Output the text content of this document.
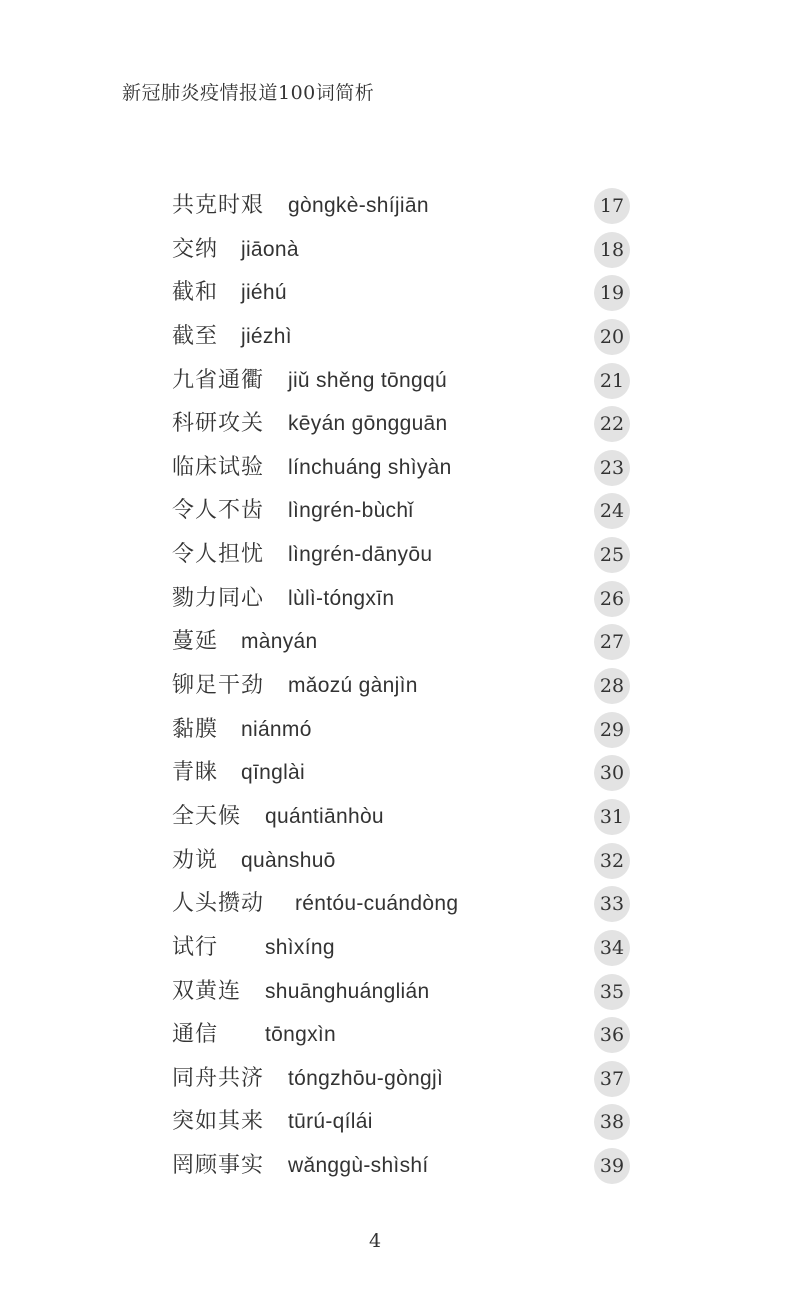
新冠肺炎疫情报道100词简析
共克时艰 gòngkè-shíjiān	17
交纳 jiāonà	18
截和 jiéhú	19
截至 jiézhì	20
九省通衢 jiǔ shěng tōngqú	21
科研攻关 kēyán gōngguān	22
临床试验 línchuáng shìyàn	23
令人不齿 lìngrén-bùchǐ	24
令人担忧 lìngrén-dānyōu	25
勠力同心 lùlì-tóngxīn	26
蔓延 mànyán	27
铆足干劲 mǎozú gànjìn	28
黏膜 niánmó	29
青睐 qīnglài	30
全天候 quántiānhòu	31
劝说 quànshuō	32
人头攒动 réntóu-cuándòng	33
试行 shìxíng	34
双黄连 shuānghuánglián	35
通信 tōngxìn	36
同舟共济 tóngzhōu-gòngjì	37
突如其来 tūrú-qílái	38
罔顾事实 wǎnggù-shìshí	39
4
